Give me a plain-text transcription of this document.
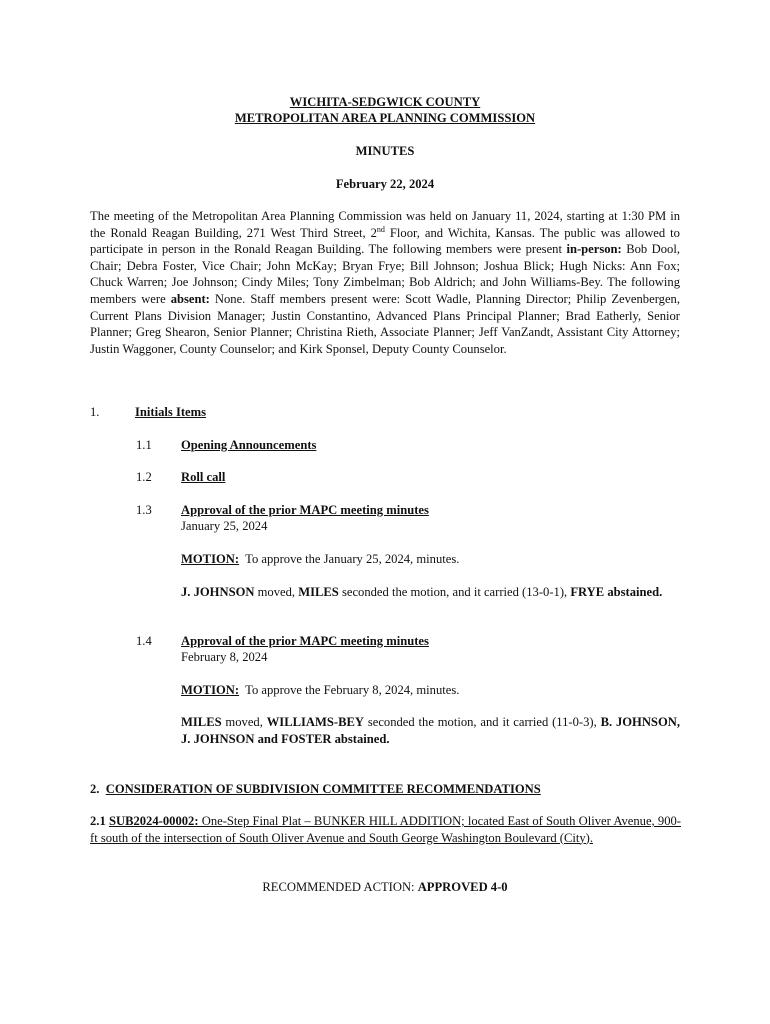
WICHITA-SEDGWICK COUNTY
METROPOLITAN AREA PLANNING COMMISSION
MINUTES
February 22, 2024

The meeting of the Metropolitan Area Planning Commission was held on January 11, 2024, starting at 1:30 PM in the Ronald Reagan Building, 271 West Third Street, 2nd Floor, and Wichita, Kansas. The public was allowed to participate in person in the Ronald Reagan Building. The following members were present in-person: Bob Dool, Chair; Debra Foster, Vice Chair; John McKay; Bryan Frye; Bill Johnson; Joshua Blick; Hugh Nicks: Ann Fox; Chuck Warren; Joe Johnson; Cindy Miles; Tony Zimbelman; Bob Aldrich; and John Williams-Bey. The following members were absent: None. Staff members present were: Scott Wadle, Planning Director; Philip Zevenbergen, Current Plans Division Manager; Justin Constantino, Advanced Plans Principal Planner; Brad Eatherly, Senior Planner; Greg Shearon, Senior Planner; Christina Rieth, Associate Planner; Jeff VanZandt, Assistant City Attorney; Justin Waggoner, County Counselor; and Kirk Sponsel, Deputy County Counselor.

1.	Initials Items
1.1 Opening Announcements
1.2 Roll call
1.3 Approval of the prior MAPC meeting minutes
January 25, 2024
MOTION: To approve the January 25, 2024, minutes.
J. JOHNSON moved, MILES seconded the motion, and it carried (13-0-1), FRYE abstained.
1.4 Approval of the prior MAPC meeting minutes
February 8, 2024
MOTION: To approve the February 8, 2024, minutes.
MILES moved, WILLIAMS-BEY seconded the motion, and it carried (11-0-3), B. JOHNSON, J. JOHNSON and FOSTER abstained.
2. CONSIDERATION OF SUBDIVISION COMMITTEE RECOMMENDATIONS

2.1 SUB2024-00002: One-Step Final Plat – BUNKER HILL ADDITION; located East of South Oliver Avenue, 900-ft south of the intersection of South Oliver Avenue and South George Washington Boulevard (City).

RECOMMENDED ACTION: APPROVED 4-0
